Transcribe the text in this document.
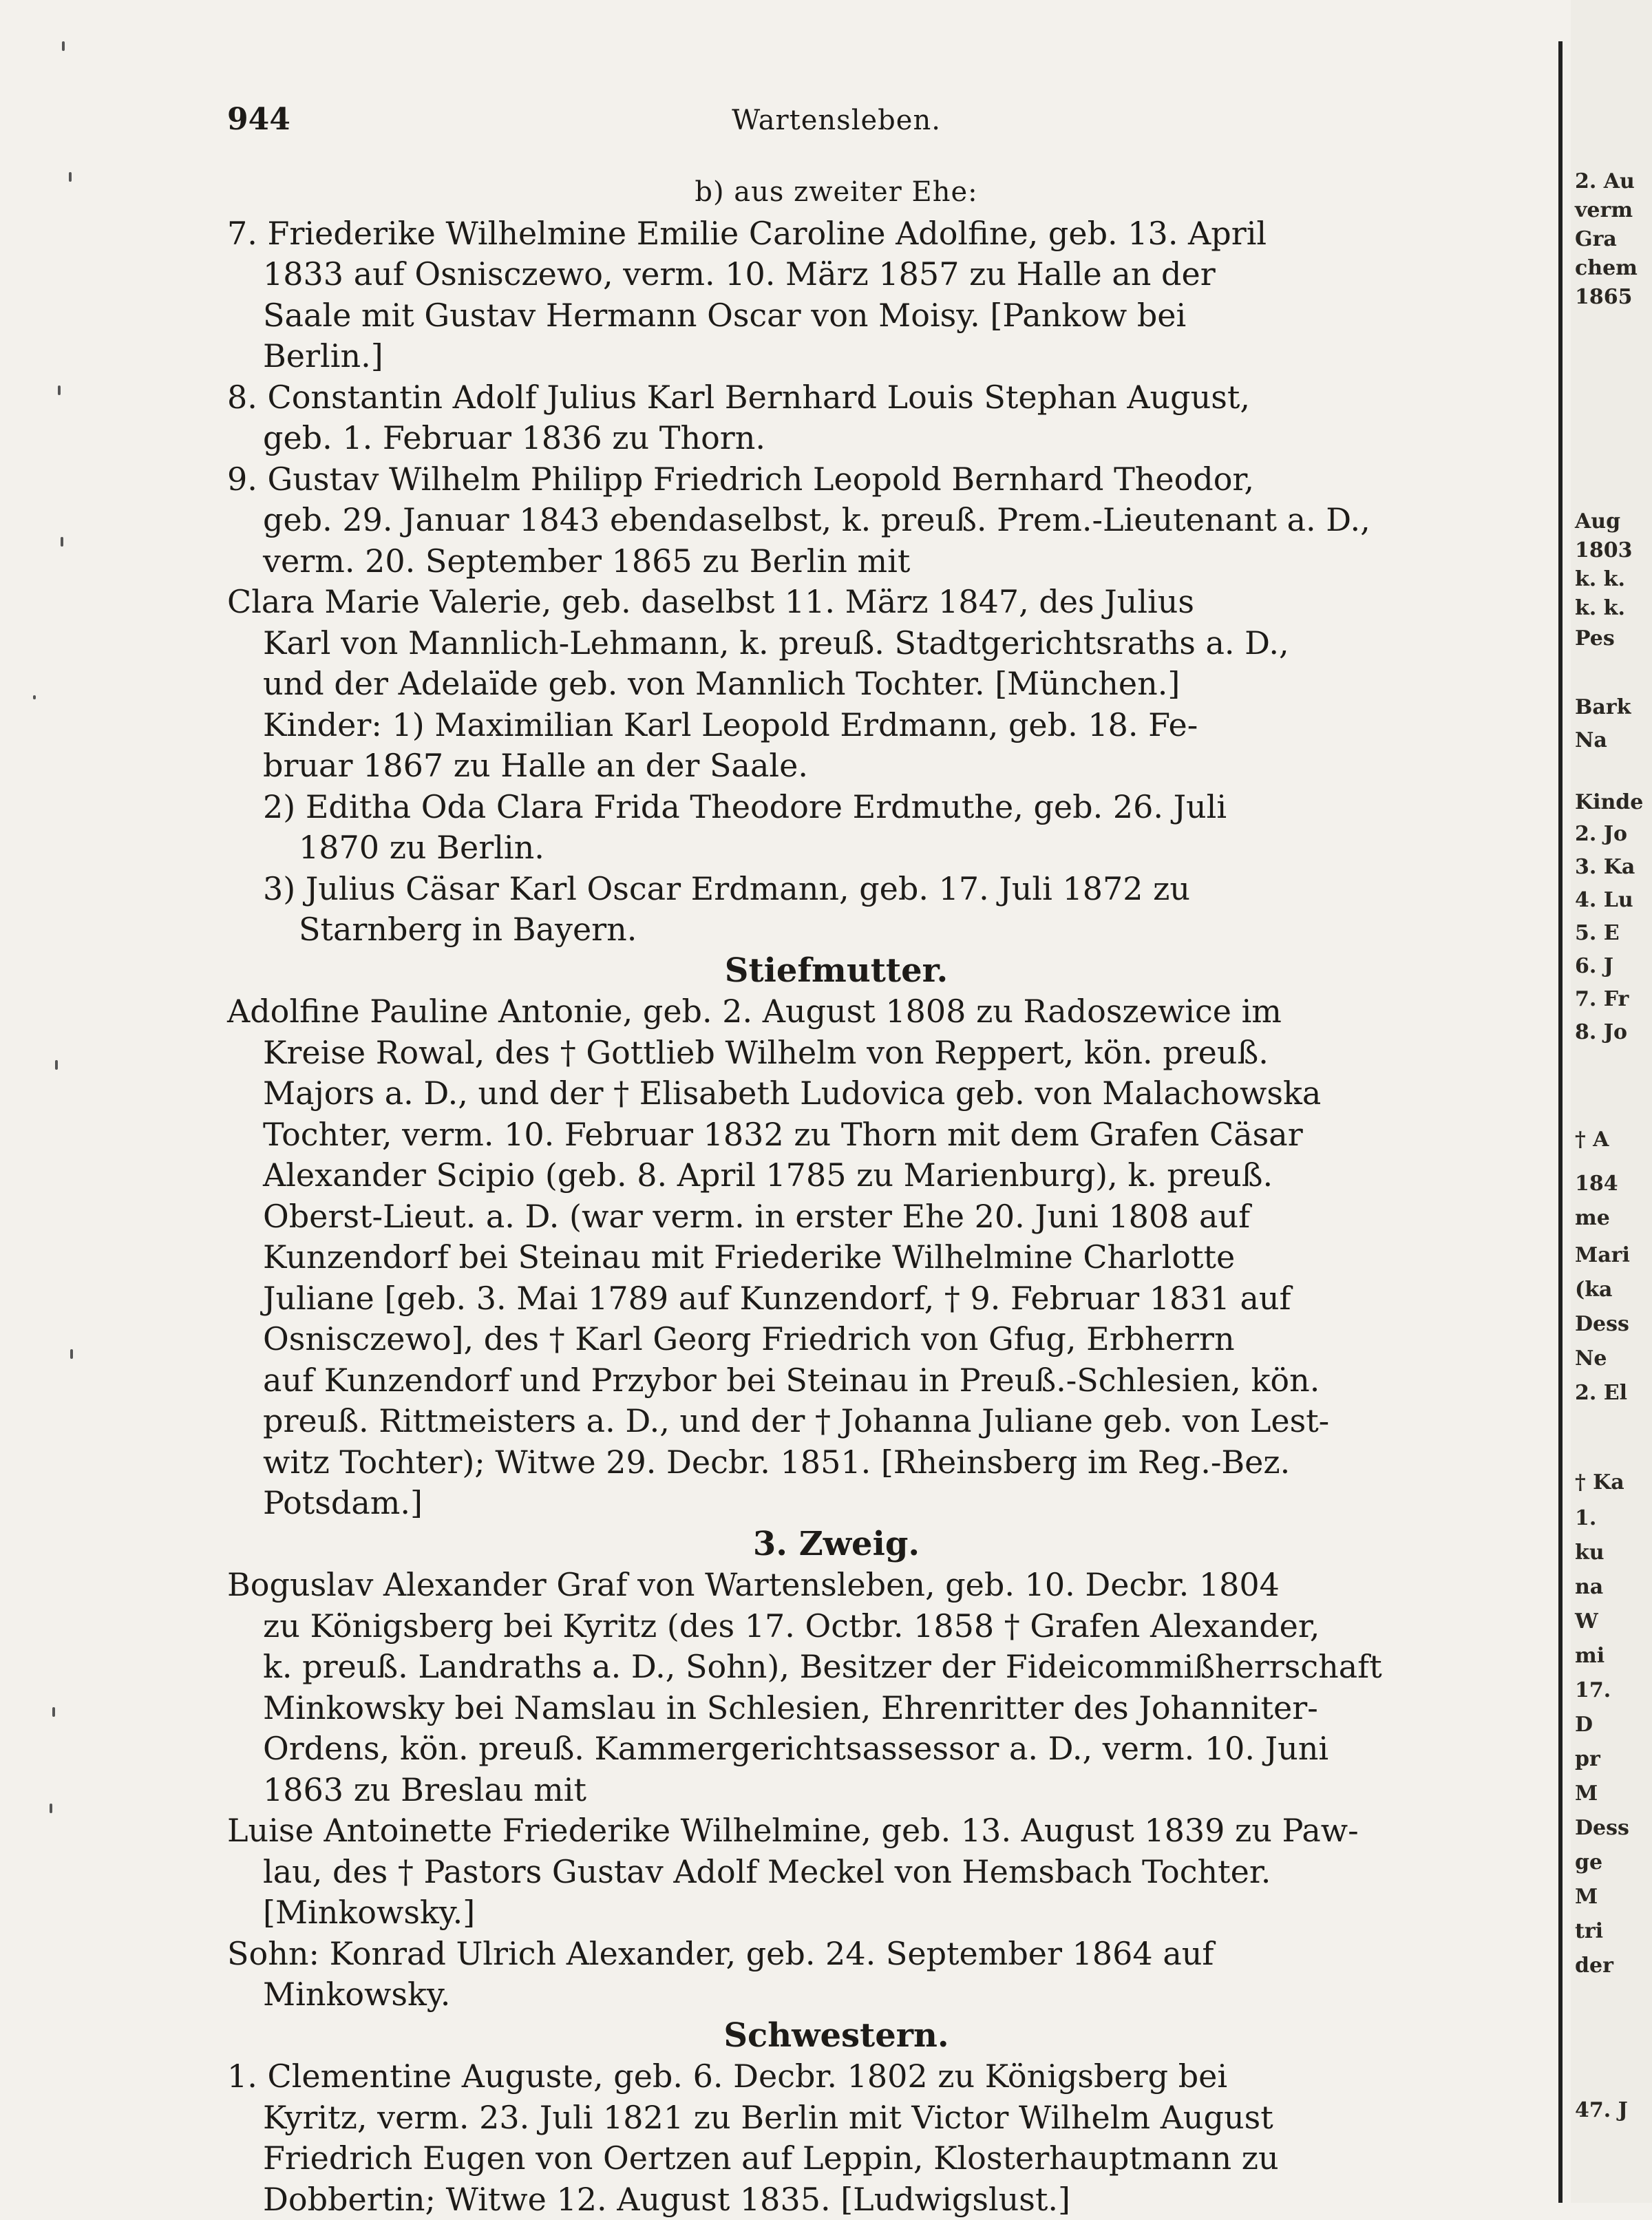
944	Wartensleben.
b) aus zweiter Ehe:
7. Friederike Wilhelmine Emilie Caroline Adolfine, geb. 13. April
1833 auf Osnisczewo, verm. 10. März 1857 zu Halle an der
Saale mit Gustav Hermann Oscar von Moisy. [Pankow bei
Berlin.]
8. Constantin Adolf Julius Karl Bernhard Louis Stephan August,
geb. 1. Februar 1836 zu Thorn.
9. Gustav Wilhelm Philipp Friedrich Leopold Bernhard Theodor,
geb. 29. Januar 1843 ebendaselbst, k. preuß. Prem.-Lieutenant a. D.,
verm. 20. September 1865 zu Berlin mit
Clara Marie Valerie, geb. daselbst 11. März 1847, des Julius
Karl von Mannlich-Lehmann, k. preuß. Stadtgerichtsraths a. D.,
und der Adelaïde geb. von Mannlich Tochter. [München.]
Kinder: 1) Maximilian Karl Leopold Erdmann, geb. 18. Fe-
bruar 1867 zu Halle an der Saale.
2) Editha Oda Clara Frida Theodore Erdmuthe, geb. 26. Juli
1870 zu Berlin.
3) Julius Cäsar Karl Oscar Erdmann, geb. 17. Juli 1872 zu
Starnberg in Bayern.
Stiefmutter.
Adolfine Pauline Antonie, geb. 2. August 1808 zu Radoszewice im
Kreise Rowal, des † Gottlieb Wilhelm von Reppert, kön. preuß.
Majors a. D., und der † Elisabeth Ludovica geb. von Malachowska
Tochter, verm. 10. Februar 1832 zu Thorn mit dem Grafen Cäsar
Alexander Scipio (geb. 8. April 1785 zu Marienburg), k. preuß.
Oberst-Lieut. a. D. (war verm. in erster Ehe 20. Juni 1808 auf
Kunzendorf bei Steinau mit Friederike Wilhelmine Charlotte
Juliane [geb. 3. Mai 1789 auf Kunzendorf, † 9. Februar 1831 auf
Osnisczewo], des † Karl Georg Friedrich von Gfug, Erbherrn
auf Kunzendorf und Przybor bei Steinau in Preuß.-Schlesien, kön.
preuß. Rittmeisters a. D., und der † Johanna Juliane geb. von Lest-
witz Tochter); Witwe 29. Decbr. 1851. [Rheinsberg im Reg.-Bez.
Potsdam.]
3. Zweig.
Boguslav Alexander Graf von Wartensleben, geb. 10. Decbr. 1804
zu Königsberg bei Kyritz (des 17. Octbr. 1858 † Grafen Alexander,
k. preuß. Landraths a. D., Sohn), Besitzer der Fideicommißherrschaft
Minkowsky bei Namslau in Schlesien, Ehrenritter des Johanniter-
Ordens, kön. preuß. Kammergerichtsassessor a. D., verm. 10. Juni
1863 zu Breslau mit
Luise Antoinette Friederike Wilhelmine, geb. 13. August 1839 zu Paw-
lau, des † Pastors Gustav Adolf Meckel von Hemsbach Tochter.
[Minkowsky.]
Sohn: Konrad Ulrich Alexander, geb. 24. September 1864 auf
Minkowsky.
Schwestern.
1. Clementine Auguste, geb. 6. Decbr. 1802 zu Königsberg bei
Kyritz, verm. 23. Juli 1821 zu Berlin mit Victor Wilhelm August
Friedrich Eugen von Oertzen auf Leppin, Klosterhauptmann zu
Dobbertin; Witwe 12. August 1835. [Ludwigslust.]
2. Au
verm
Gra
chem
1865
Aug
1803
k. k.
k. k.
Pes
Bark
Na
Kinde
2. Jo
3. Ka
4. Lu
5. E
6. J
7. Fr
8. Jo
† A
184
me
Mari
(ka
Dess
Ne
2. El
† Ka
1.
ku
na
W
mi
17.
D
pr
M
Dess
ge
M
tri
der
47. J
